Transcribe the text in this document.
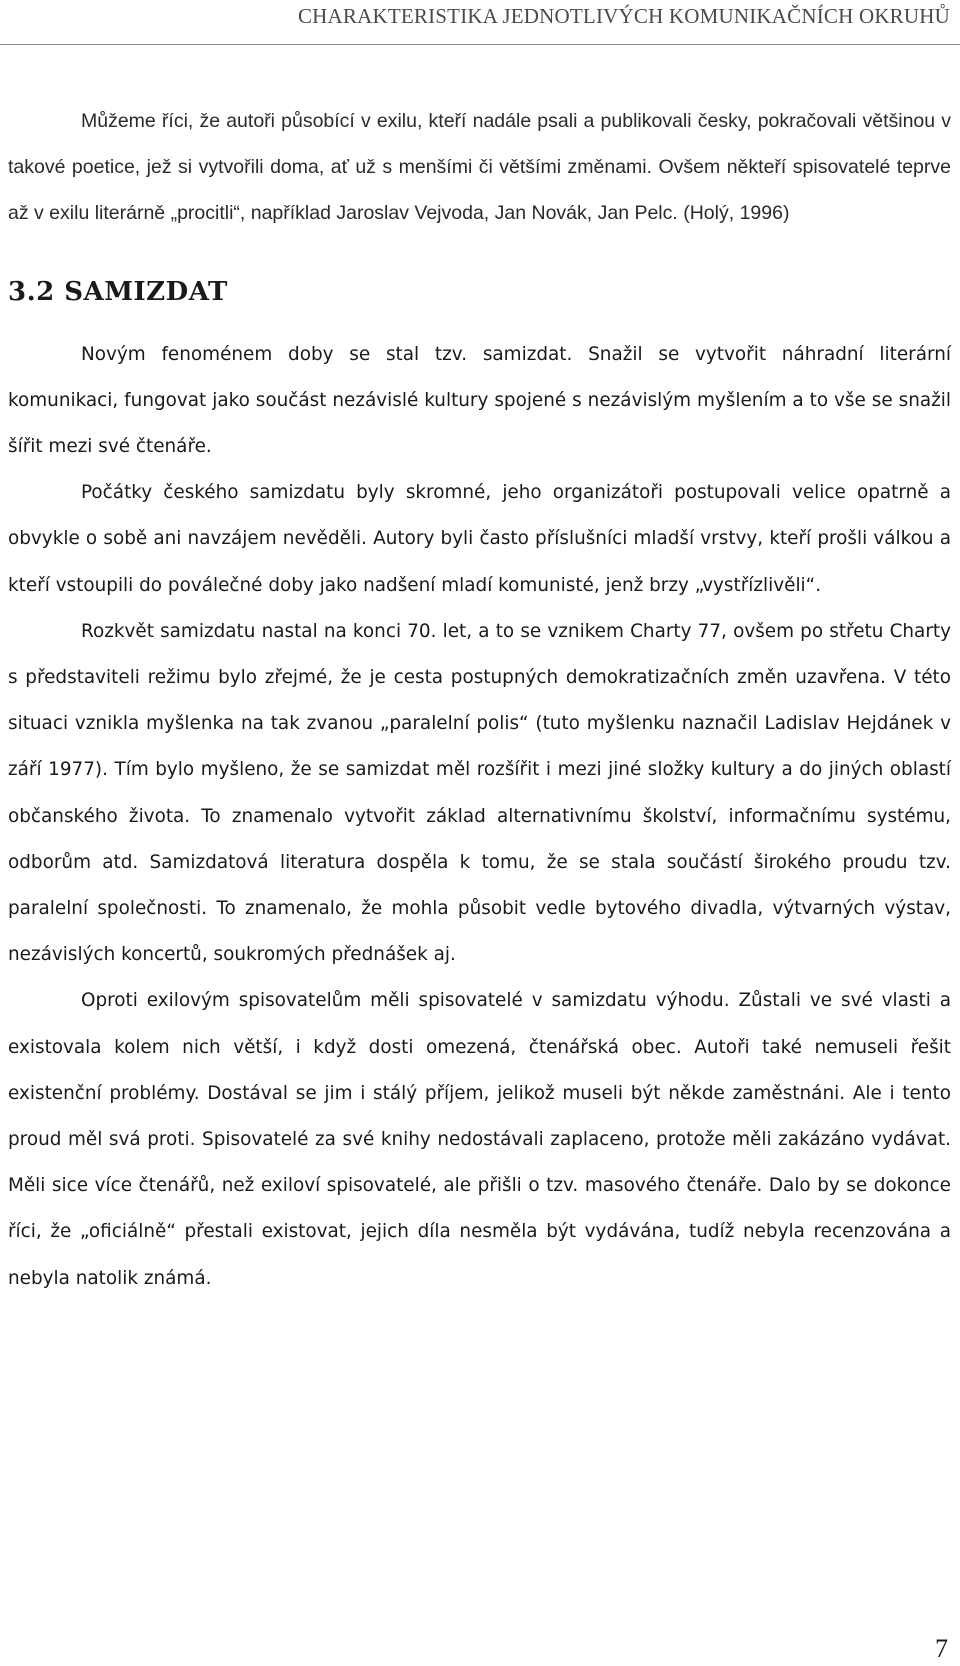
CHARAKTERISTIKA JEDNOTLIVÝCH KOMUNIKAČNÍCH OKRUHŮ

Můžeme říci, že autoři působící v exilu, kteří nadále psali a publikovali česky, pokračovali většinou v takové poetice, jež si vytvořili doma, ať už s menšími či většími změnami. Ovšem někteří spisovatelé teprve až v exilu literárně „procitli“, například Jaroslav Vejvoda, Jan Novák, Jan Pelc. (Holý, 1996)

3.2 SAMIZDAT

Novým fenoménem doby se stal tzv. samizdat. Snažil se vytvořit náhradní literární komunikaci, fungovat jako součást nezávislé kultury spojené s nezávislým myšlením a to vše se snažil šířit mezi své čtenáře.

Počátky českého samizdatu byly skromné, jeho organizátoři postupovali velice opatrně a obvykle o sobě ani navzájem nevěděli. Autory byli často příslušníci mladší vrstvy, kteří prošli válkou a kteří vstoupili do poválečné doby jako nadšení mladí komunisté, jenž brzy „vystřízlivěli“.

Rozkvět samizdatu nastal na konci 70. let, a to se vznikem Charty 77, ovšem po střetu Charty s představiteli režimu bylo zřejmé, že je cesta postupných demokratizačních změn uzavřena. V této situaci vznikla myšlenka na tak zvanou „paralelní polis“ (tuto myšlenku naznačil Ladislav Hejdánek v září 1977). Tím bylo myšleno, že se samizdat měl rozšířit i mezi jiné složky kultury a do jiných oblastí občanského života. To znamenalo vytvořit základ alternativnímu školství, informačnímu systému, odborům atd. Samizdatová literatura dospěla k tomu, že se stala součástí širokého proudu tzv. paralelní společnosti. To znamenalo, že mohla působit vedle bytového divadla, výtvarných výstav, nezávislých koncertů, soukromých přednášek aj.

Oproti exilovým spisovatelům měli spisovatelé v samizdatu výhodu. Zůstali ve své vlasti a existovala kolem nich větší, i když dosti omezená, čtenářská obec. Autoři také nemuseli řešit existenční problémy. Dostával se jim i stálý příjem, jelikož museli být někde zaměstnáni. Ale i tento proud měl svá proti. Spisovatelé za své knihy nedostávali zaplaceno, protože měli zakázáno vydávat. Měli sice více čtenářů, než exiloví spisovatelé, ale přišli o tzv. masového čtenáře. Dalo by se dokonce říci, že „oficiálně“ přestali existovat, jejich díla nesměla být vydávána, tudíž nebyla recenzována a nebyla natolik známá.

7
